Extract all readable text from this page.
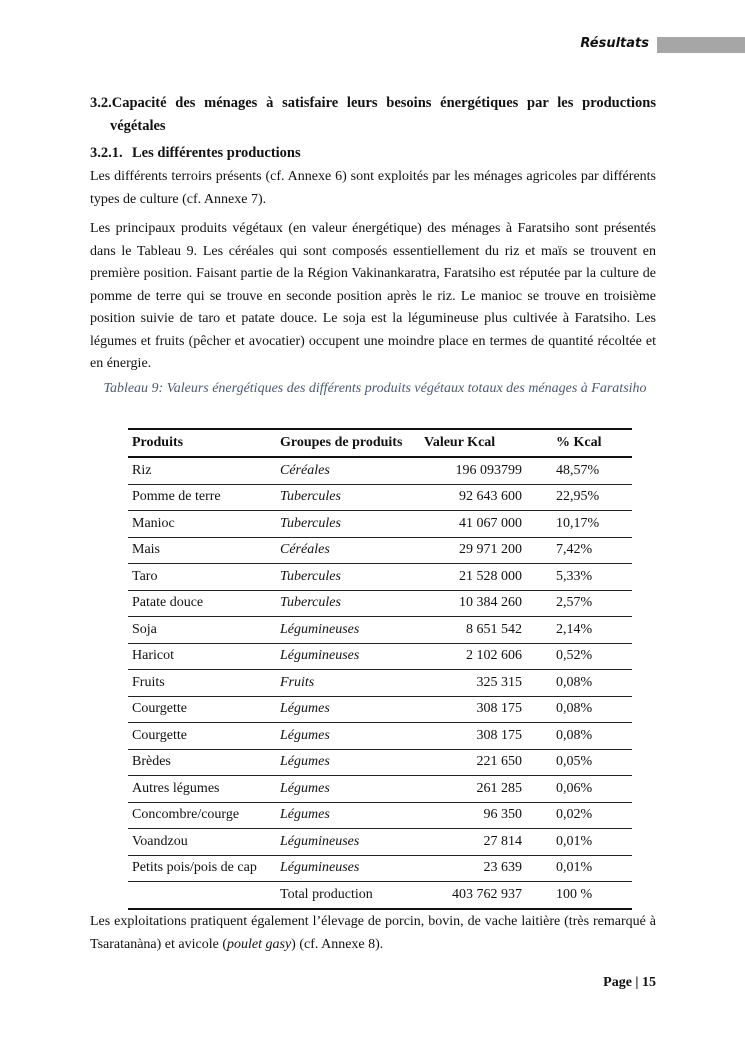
Résultats
3.2.Capacité des ménages à satisfaire leurs besoins énergétiques par les productions
végétales
3.2.1. Les différentes productions
Les différents terroirs présents (cf. Annexe 6) sont exploités par les ménages agricoles par différents types de culture (cf. Annexe 7).
Les principaux produits végétaux (en valeur énergétique) des ménages à Faratsiho sont présentés dans le Tableau 9. Les céréales qui sont composés essentiellement du riz et maïs se trouvent en première position. Faisant partie de la Région Vakinankaratra, Faratsiho est réputée par la culture de pomme de terre qui se trouve en seconde position après le riz. Le manioc se trouve en troisième position suivie de taro et patate douce. Le soja est la légumineuse plus cultivée à Faratsiho. Les légumes et fruits (pêcher et avocatier) occupent une moindre place en termes de quantité récoltée et en énergie.
Tableau 9: Valeurs énergétiques des différents produits végétaux totaux des ménages à Faratsiho
Produits	Groupes de produits	Valeur Kcal	% Kcal
Riz	Céréales	196 093799	48,57%
Pomme de terre	Tubercules	92 643 600	22,95%
Manioc	Tubercules	41 067 000	10,17%
Mais	Céréales	29 971 200	7,42%
Taro	Tubercules	21 528 000	5,33%
Patate douce	Tubercules	10 384 260	2,57%
Soja	Légumineuses	8 651 542	2,14%
Haricot	Légumineuses	2 102 606	0,52%
Fruits	Fruits	325 315	0,08%
Courgette	Légumes	308 175	0,08%
Courgette	Légumes	308 175	0,08%
Brèdes	Légumes	221 650	0,05%
Autres légumes	Légumes	261 285	0,06%
Concombre/courge	Légumes	96 350	0,02%
Voandzou	Légumineuses	27 814	0,01%
Petits pois/pois de cap	Légumineuses	23 639	0,01%
	Total production	403 762 937	100 %
Les exploitations pratiquent également l’élevage de porcin, bovin, de vache laitière (très remarqué à Tsaratanàna) et avicole (poulet gasy) (cf. Annexe 8).
Page | 15
